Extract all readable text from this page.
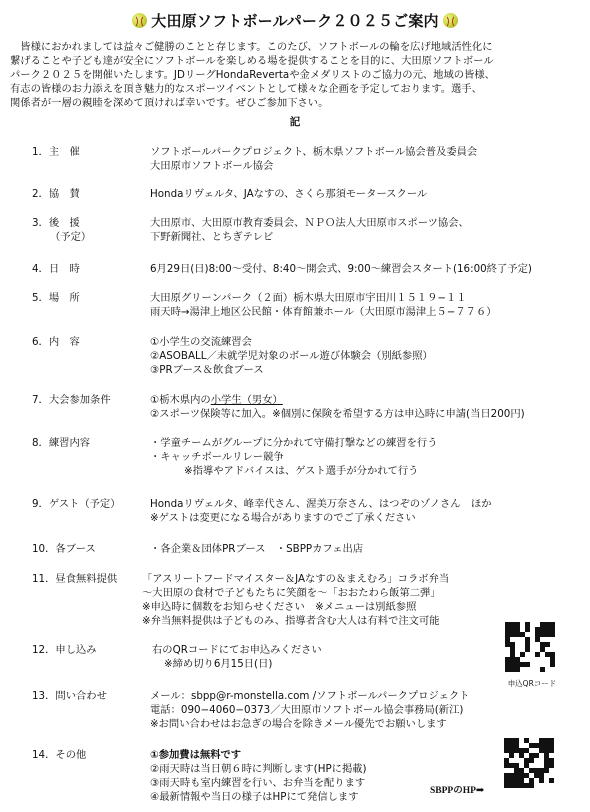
大田原ソフトボールパーク２０２５ご案内
　皆様におかれましては益々ご健勝のことと存じます。このたび、ソフトボールの輪を広げ地域活性化に
繋げることや子ども達が安全にソフトボールを楽しめる場を提供することを目的に、大田原ソフトボール
パーク２０２５を開催いたします。JDリーグHondaRevertaや金メダリストのご協力の元、地域の皆様、
有志の皆様のお力添えを頂き魅力的なスポーツイベントとして様々な企画を予定しております。選手、
関係者が一層の親睦を深めて頂ければ幸いです。ぜひご参加下さい。
記
1．主　催	ソフトボールパークプロジェクト、栃木県ソフトボール協会普及委員会
大田原市ソフトボール協会
2．協　賛	Hondaリヴェルタ、JAなすの、さくら那須モータースクール
3．後　援
（予定）
大田原市、大田原市教育委員会、ＮＰＯ法人大田原市スポーツ協会、
下野新聞社、とちぎテレビ
4．日　時	6月29日(日)8:00〜受付、8:40〜開会式、9:00〜練習会スタート(16:00終了予定)
5．場　所	大田原グリーンパーク（２面）栃木県大田原市宇田川１５１９−１１
雨天時→湯津上地区公民館・体育館兼ホール（大田原市湯津上５−７７６）
6．内　容	①小学生の交流練習会
②ASOBALL／未就学児対象のボール遊び体験会（別紙参照）
③PRブース＆飲食ブース
7．大会参加条件	①栃木県内の小学生（男女）
②スポーツ保険等に加入。※個別に保険を希望する方は申込時に申請(当日200円)
8．練習内容	・学童チームがグループに分かれて守備打撃などの練習を行う
・キャッチボールリレー競争
※指導やアドバイスは、ゲスト選手が分かれて行う
9．ゲスト（予定）	Hondaリヴェルタ、峰幸代さん、渥美万奈さん、はつぞのゾノさん　ほか
※ゲストは変更になる場合がありますのでご了承ください
10．各ブース	・各企業＆団体PRブース　・SBPPカフェ出店
11．昼食無料提供 「アスリートフードマイスター＆JAなすの＆まえむろ」コラボ弁当
〜大田原の食材で子どもたちに笑顔を〜「おおたわら飯第二弾」
※申込時に個数をお知らせください　※メニューは別紙参照
※弁当無料提供は子どものみ、指導者含む大人は有料で注文可能
12．申し込み	右のQRコードにてお申込みください
※締め切り6月15日(日)
13．問い合わせ	メール：sbpp@r-monstella.com /ソフトボールパークプロジェクト
電話：090−4060−0373／大田原市ソフトボール協会事務局(新江)
※お問い合わせはお急ぎの場合を除きメール優先でお願いします
14．その他	①参加費は無料です
②雨天時は当日朝６時に判断します(HPに掲載)
③雨天時も室内練習を行い、お弁当を配ります
④最新情報や当日の様子はHPにて発信します
申込QRコード
SBPPのHP➡
